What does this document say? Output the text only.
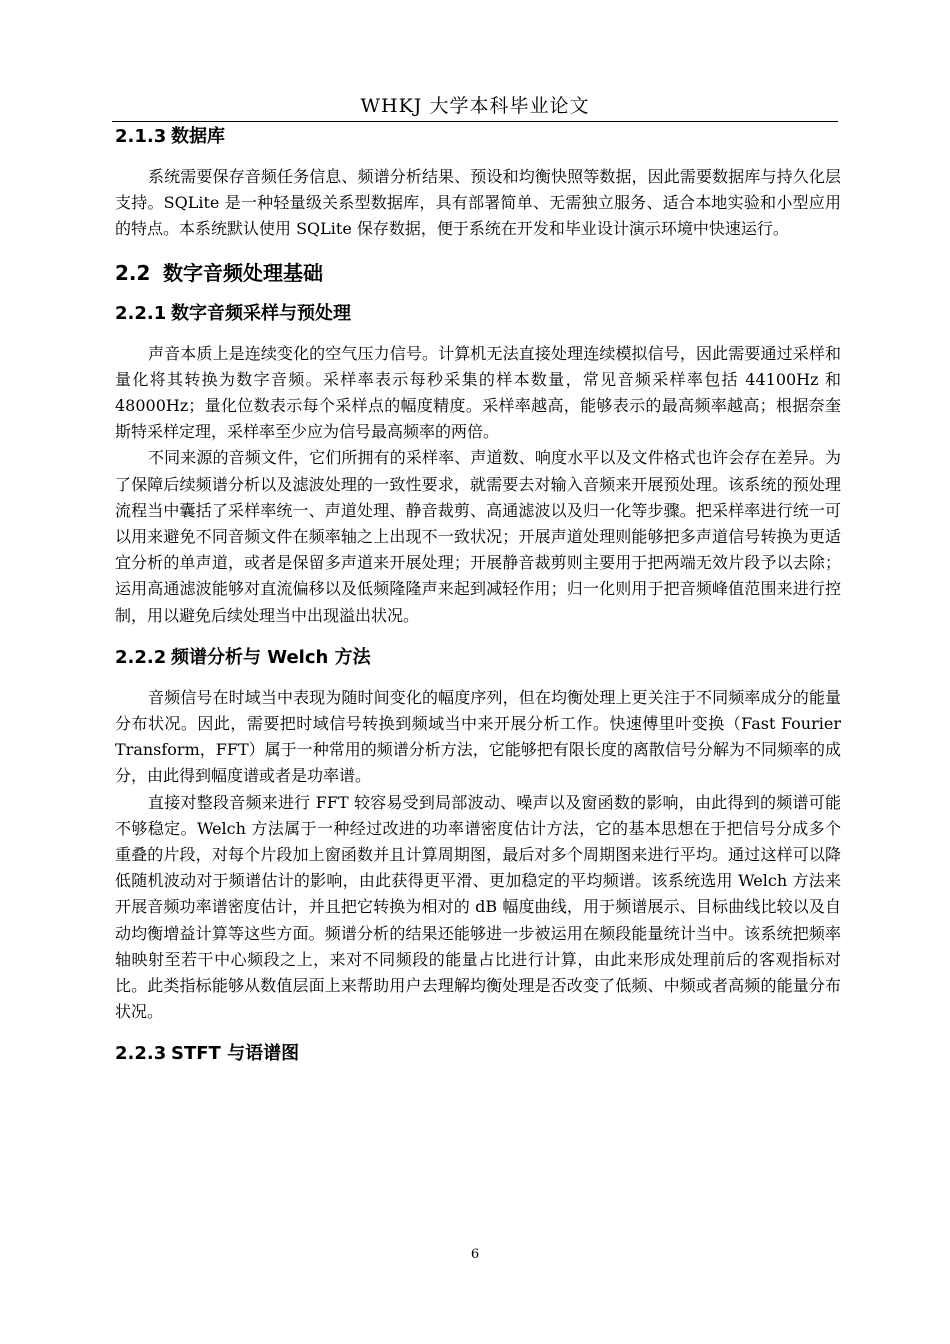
WHKJ 大学本科毕业论文
2.1.3 数据库

系统需要保存音频任务信息、频谱分析结果、预设和均衡快照等数据，因此需要数据库与持久化层支持。SQLite 是一种轻量级关系型数据库，具有部署简单、无需独立服务、适合本地实验和小型应用的特点。本系统默认使用 SQLite 保存数据，便于系统在开发和毕业设计演示环境中快速运行。

2.2 数字音频处理基础
2.2.1 数字音频采样与预处理

声音本质上是连续变化的空气压力信号。计算机无法直接处理连续模拟信号，因此需要通过采样和量化将其转换为数字音频。采样率表示每秒采集的样本数量，常见音频采样率包括 44100Hz 和 48000Hz；量化位数表示每个采样点的幅度精度。采样率越高，能够表示的最高频率越高；根据奈奎斯特采样定理，采样率至少应为信号最高频率的两倍。

不同来源的音频文件，它们所拥有的采样率、声道数、响度水平以及文件格式也许会存在差异。为了保障后续频谱分析以及滤波处理的一致性要求，就需要去对输入音频来开展预处理。该系统的预处理流程当中囊括了采样率统一、声道处理、静音裁剪、高通滤波以及归一化等步骤。把采样率进行统一可以用来避免不同音频文件在频率轴之上出现不一致状况；开展声道处理则能够把多声道信号转换为更适宜分析的单声道，或者是保留多声道来开展处理；开展静音裁剪则主要用于把两端无效片段予以去除；运用高通滤波能够对直流偏移以及低频隆隆声来起到减轻作用；归一化则用于把音频峰值范围来进行控制，用以避免后续处理当中出现溢出状况。

2.2.2 频谱分析与 Welch 方法

音频信号在时域当中表现为随时间变化的幅度序列，但在均衡处理上更关注于不同频率成分的能量分布状况。因此，需要把时域信号转换到频域当中来开展分析工作。快速傅里叶变换（Fast Fourier Transform，FFT）属于一种常用的频谱分析方法，它能够把有限长度的离散信号分解为不同频率的成分，由此得到幅度谱或者是功率谱。

直接对整段音频来进行 FFT 较容易受到局部波动、噪声以及窗函数的影响，由此得到的频谱可能不够稳定。Welch 方法属于一种经过改进的功率谱密度估计方法，它的基本思想在于把信号分成多个重叠的片段，对每个片段加上窗函数并且计算周期图，最后对多个周期图来进行平均。通过这样可以降低随机波动对于频谱估计的影响，由此获得更平滑、更加稳定的平均频谱。该系统选用 Welch 方法来开展音频功率谱密度估计，并且把它转换为相对的 dB 幅度曲线，用于频谱展示、目标曲线比较以及自动均衡增益计算等这些方面。频谱分析的结果还能够进一步被运用在频段能量统计当中。该系统把频率轴映射至若干中心频段之上，来对不同频段的能量占比进行计算，由此来形成处理前后的客观指标对比。此类指标能够从数值层面上来帮助用户去理解均衡处理是否改变了低频、中频或者高频的能量分布状况。

2.2.3 STFT 与语谱图
6
